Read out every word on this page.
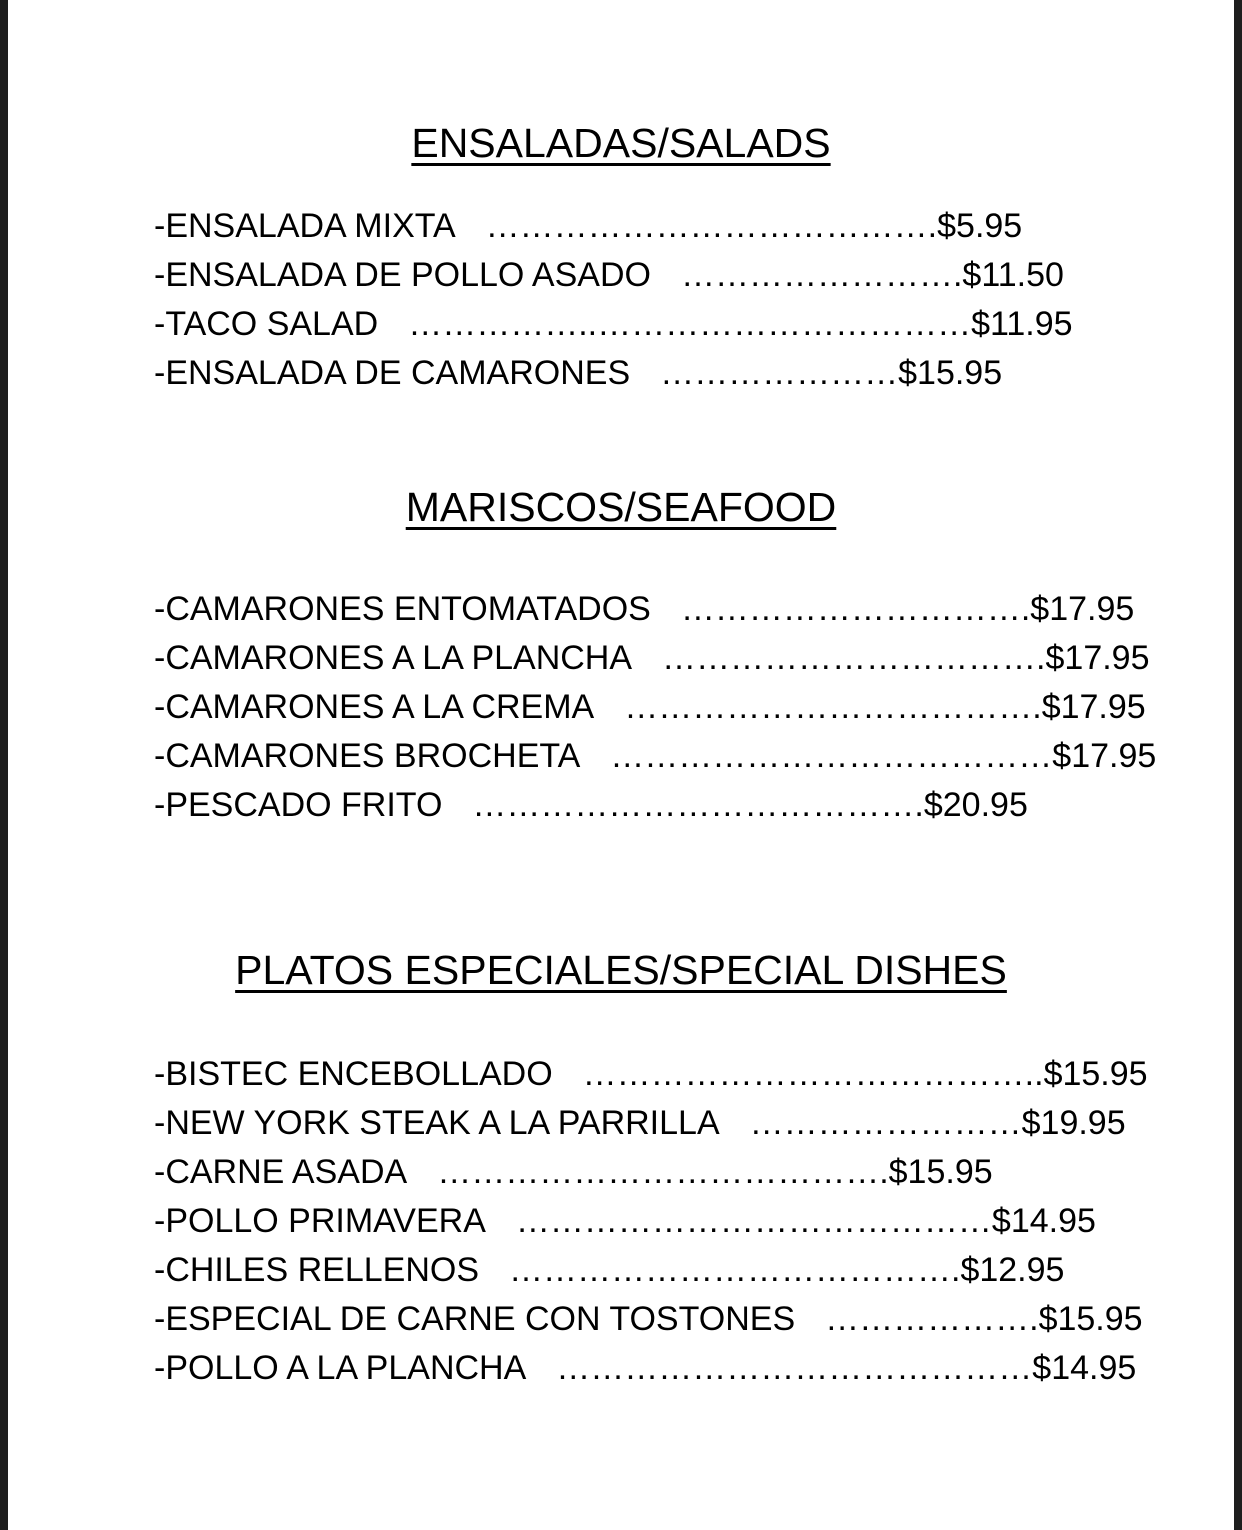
ENSALADAS/SALADS
-ENSALADA MIXTA ………………………………….$5.95
-ENSALADA DE POLLO ASADO …………………….$11.50
-TACO SALAD ……………..……………………………$11.95
-ENSALADA DE CAMARONES …………………$15.95
MARISCOS/SEAFOOD
-CAMARONES ENTOMATADOS ………………………….$17.95
-CAMARONES A LA PLANCHA …………………………….$17.95
-CAMARONES A LA CREMA ……………………………….$17.95
-CAMARONES BROCHETA …………………………………$17.95
-PESCADO FRITO ………………………………….$20.95
PLATOS ESPECIALES/SPECIAL DISHES
-BISTEC ENCEBOLLADO …………………………………..$15.95
-NEW YORK STEAK A LA PARRILLA ……………………$19.95
-CARNE ASADA ………………………………….$15.95
-POLLO PRIMAVERA ……………………………………$14.95
-CHILES RELLENOS ………………………………….$12.95
-ESPECIAL DE CARNE CON TOSTONES ……………….$15.95
-POLLO A LA PLANCHA ……………………………………$14.95
